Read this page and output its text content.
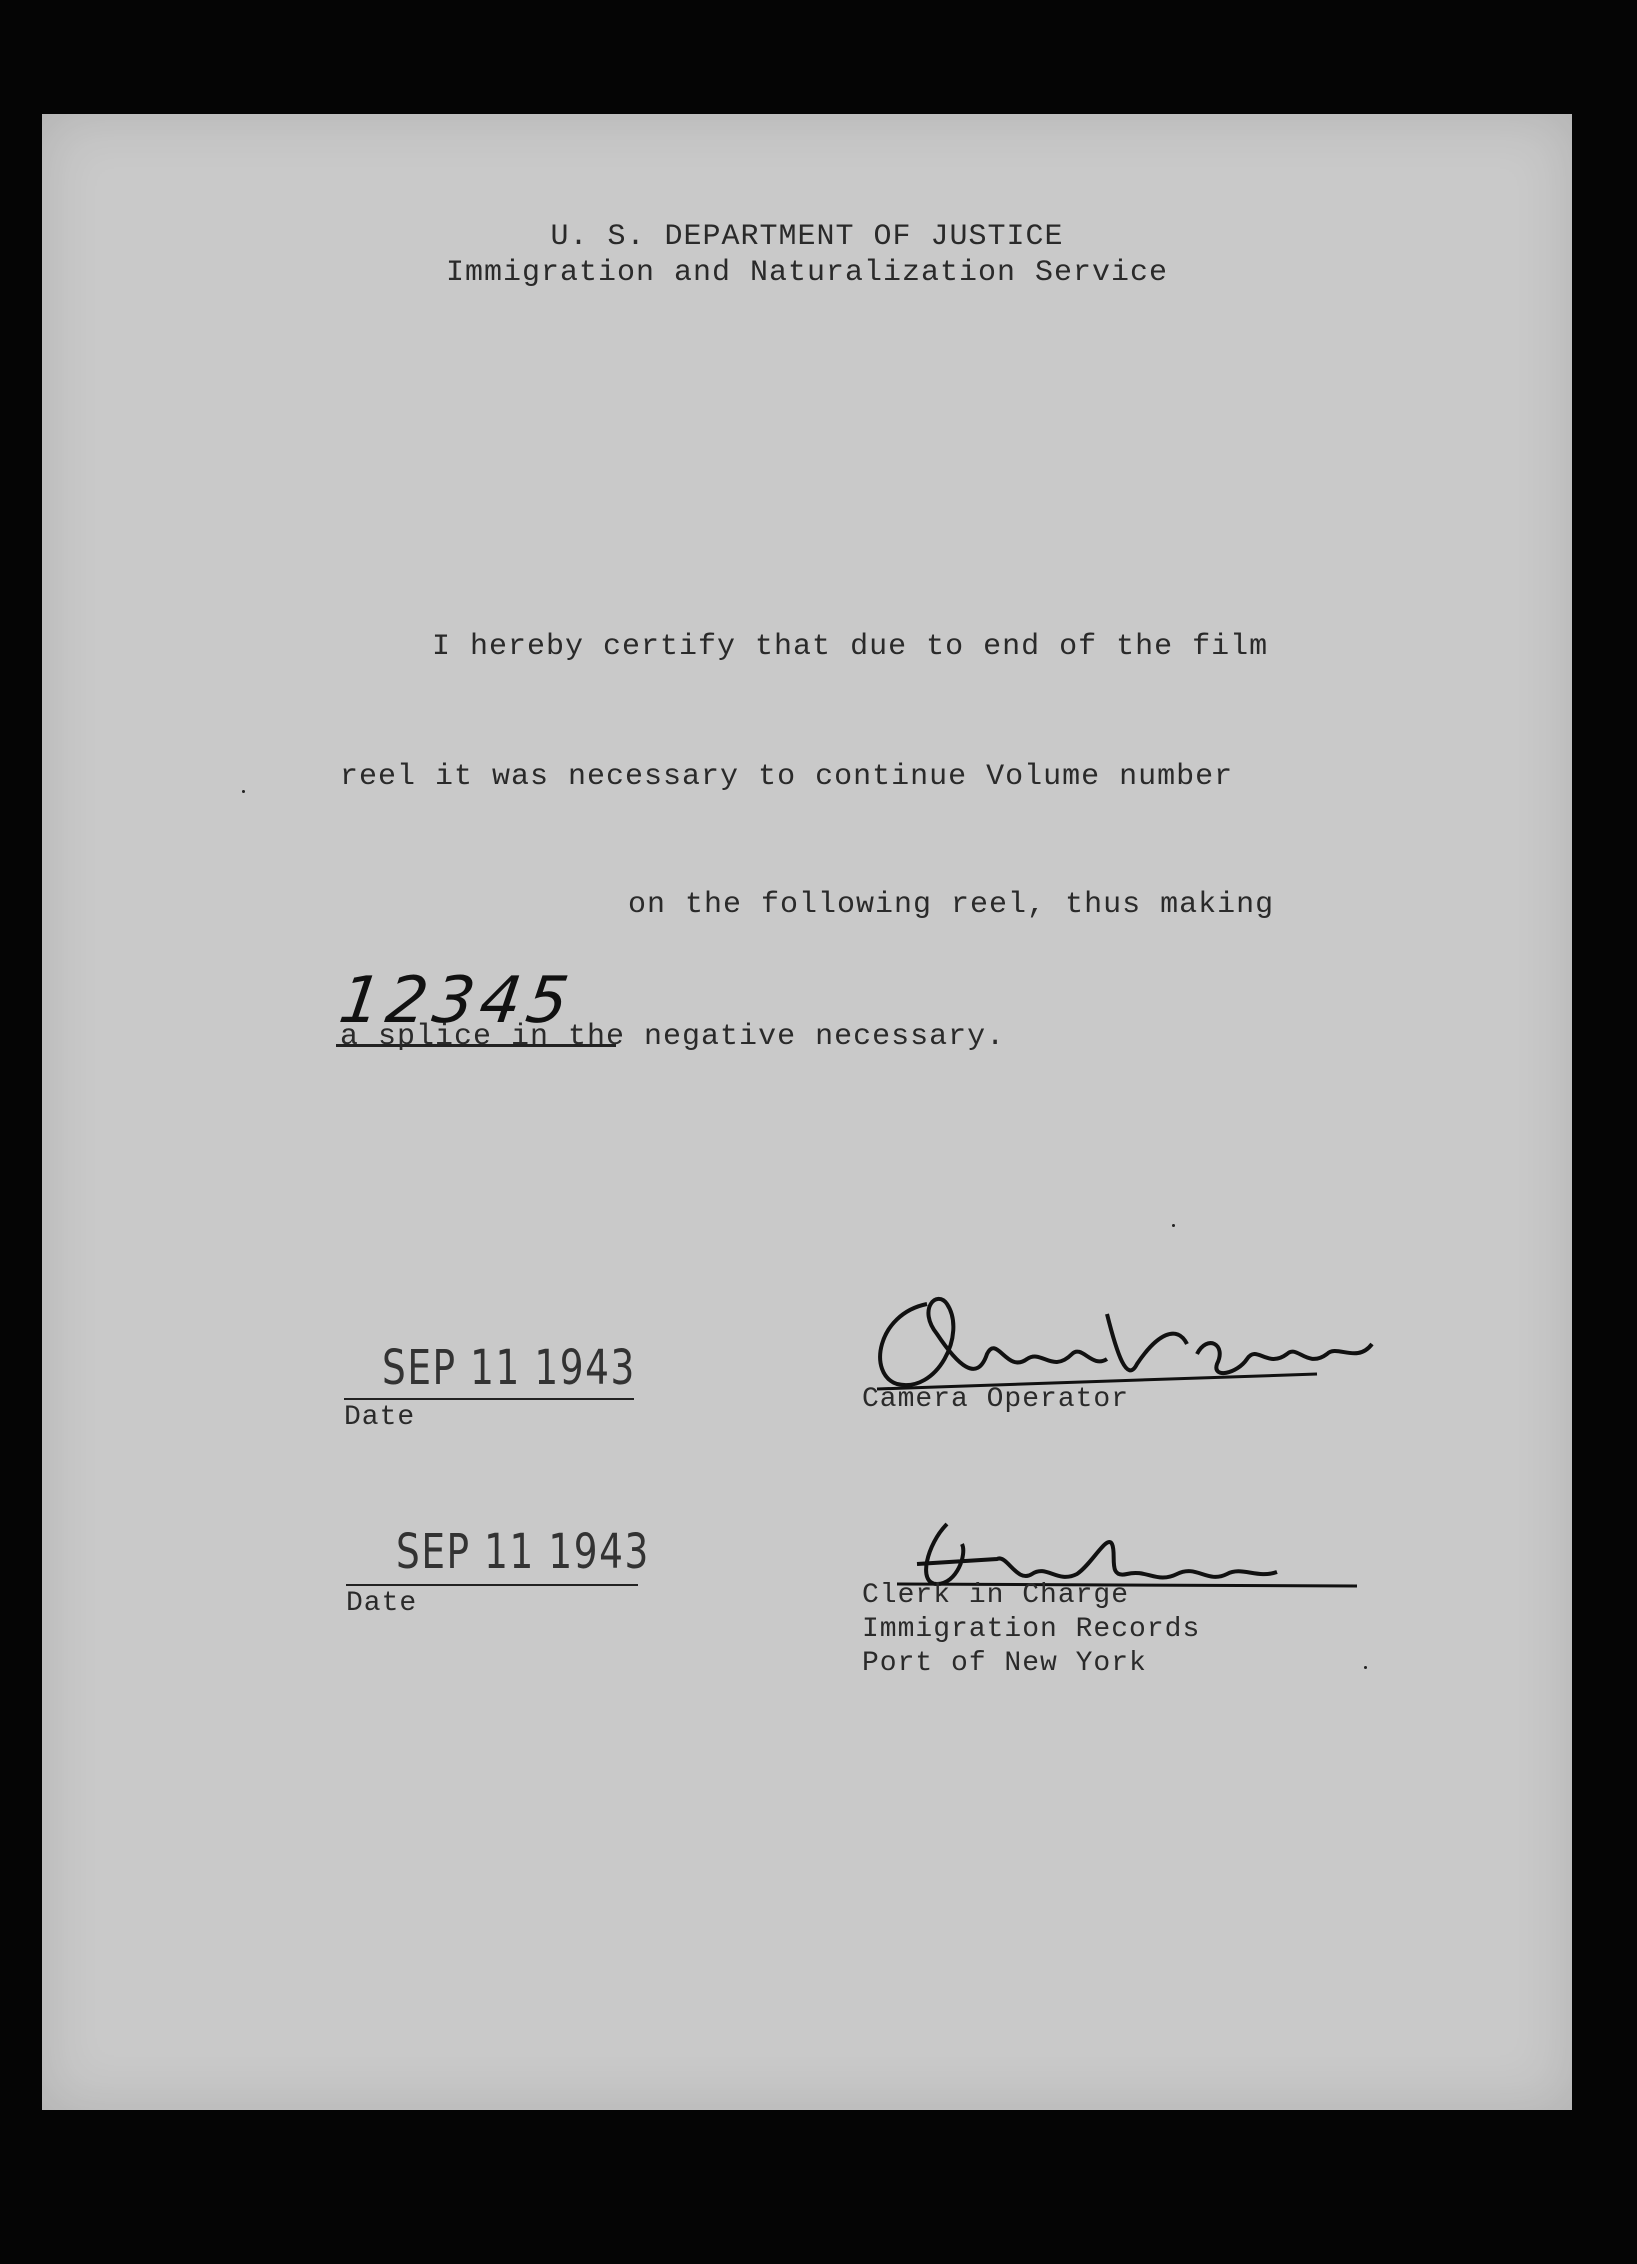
U. S. DEPARTMENT OF JUSTICE
Immigration and Naturalization Service
I hereby certify that due to end of the film
reel it was necessary to continue Volume number
12345
on the following reel, thus making
a splice in the negative necessary.
SEP 11 1943
Date
Camera Operator
SEP 11 1943
Date	Clerk in Charge
Immigration Records
Port of New York
